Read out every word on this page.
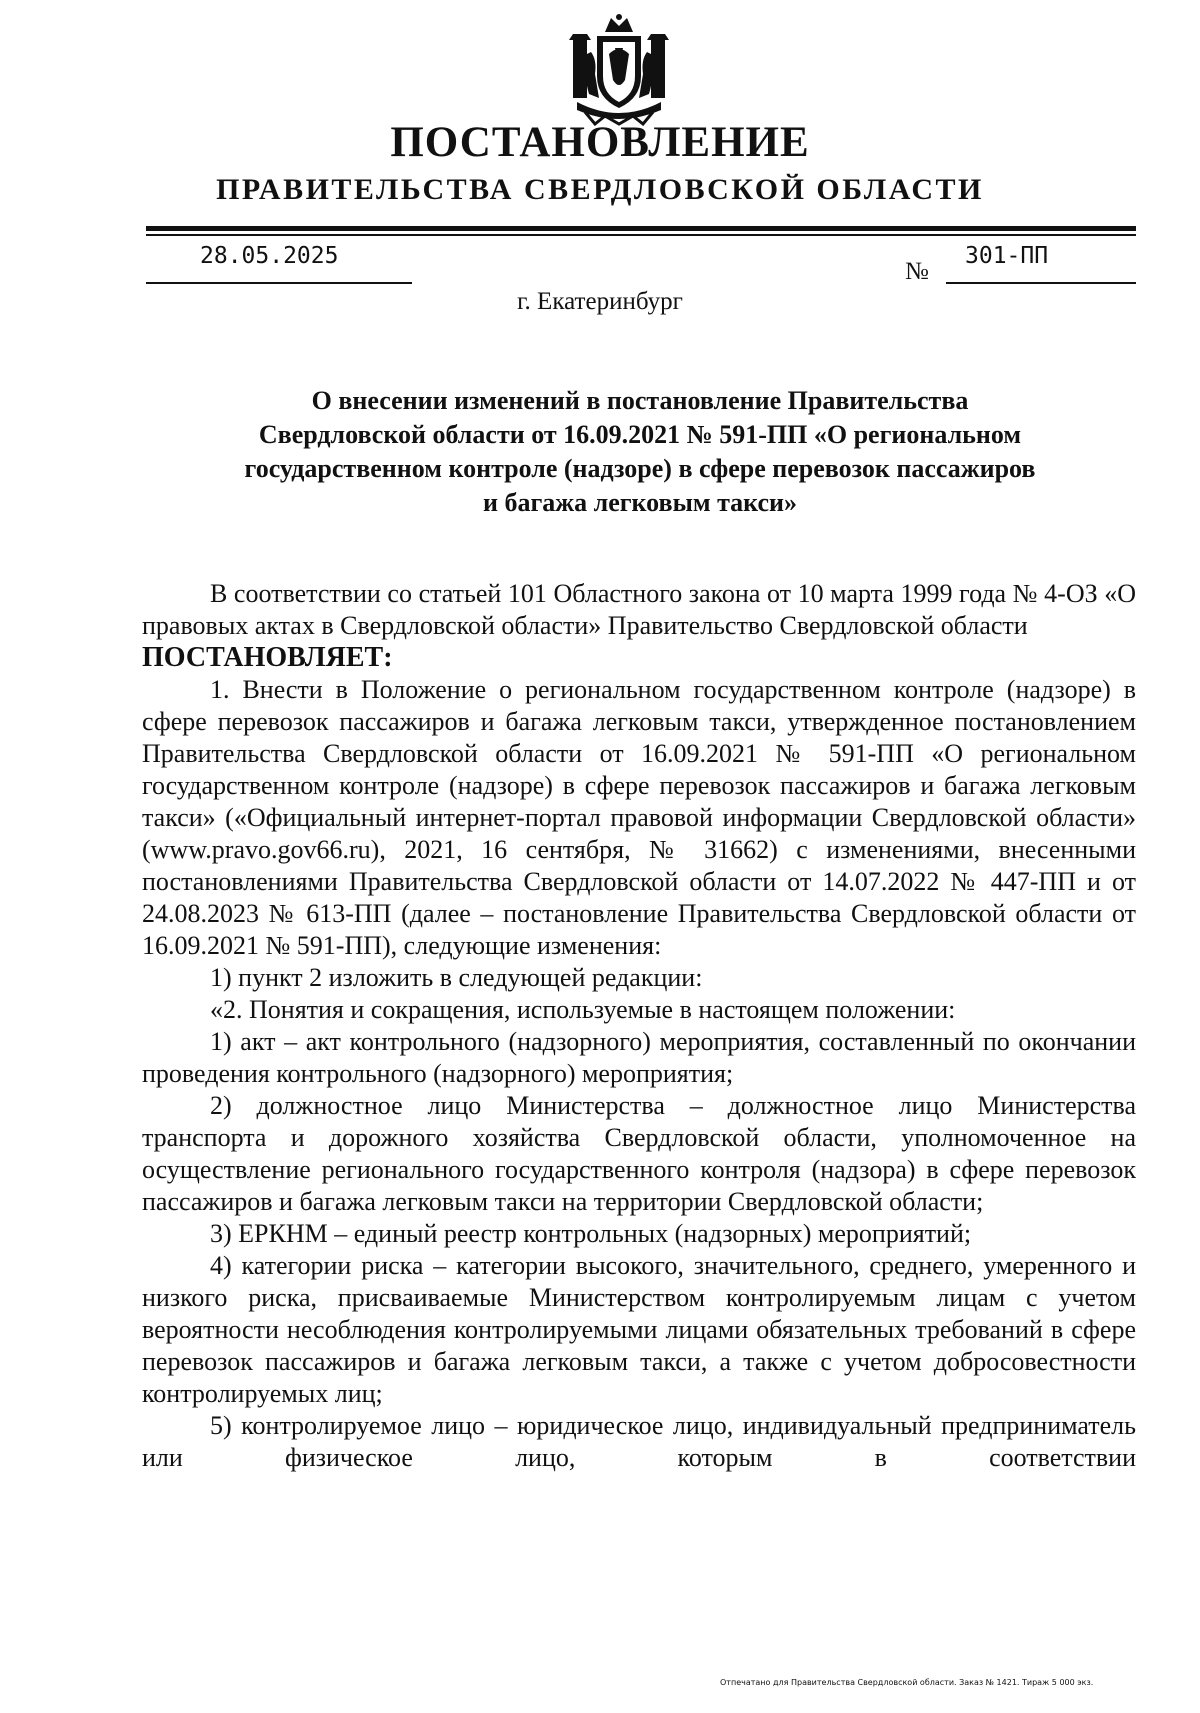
ПОСТАНОВЛЕНИЕ
ПРАВИТЕЛЬСТВА СВЕРДЛОВСКОЙ ОБЛАСТИ
28.05.2025
№
301-ПП
г. Екатеринбург
О внесении изменений в постановление Правительства
Свердловской области от 16.09.2021 № 591-ПП «О региональном
государственном контроле (надзоре) в сфере перевозок пассажиров
и багажа легковым такси»

В соответствии со статьей 101 Областного закона от 10 марта 1999 года № 4-ОЗ «О правовых актах в Свердловской области» Правительство Свердловской области

ПОСТАНОВЛЯЕТ:

1. Внести в Положение о региональном государственном контроле (надзоре) в сфере перевозок пассажиров и багажа легковым такси, утвержденное постановлением Правительства Свердловской области от 16.09.2021 № 591-ПП «О региональном государственном контроле (надзоре) в сфере перевозок пассажиров и багажа легковым такси» («Официальный интернет-портал правовой информации Свердловской области» (www.pravo.gov66.ru), 2021, 16 сентября, № 31662) с изменениями, внесенными постановлениями Правительства Свердловской области от 14.07.2022 № 447-ПП и от 24.08.2023 № 613-ПП (далее – постановление Правительства Свердловской области от 16.09.2021 № 591-ПП), следующие изменения:

1) пункт 2 изложить в следующей редакции:

«2. Понятия и сокращения, используемые в настоящем положении:

1) акт – акт контрольного (надзорного) мероприятия, составленный по окончании проведения контрольного (надзорного) мероприятия;

2) должностное лицо Министерства – должностное лицо Министерства транспорта и дорожного хозяйства Свердловской области, уполномоченное на осуществление регионального государственного контроля (надзора) в сфере перевозок пассажиров и багажа легковым такси на территории Свердловской области;

3) ЕРКНМ – единый реестр контрольных (надзорных) мероприятий;

4) категории риска – категории высокого, значительного, среднего, умеренного и низкого риска, присваиваемые Министерством контролируемым лицам с учетом вероятности несоблюдения контролируемыми лицами обязательных требований в сфере перевозок пассажиров и багажа легковым такси, а также с учетом добросовестности контролируемых лиц;

5) контролируемое лицо – юридическое лицо, индивидуальный предприниматель или физическое лицо, которым в соответствии

Отпечатано для Правительства Свердловской области. Заказ № 1421. Тираж 5 000 экз.
